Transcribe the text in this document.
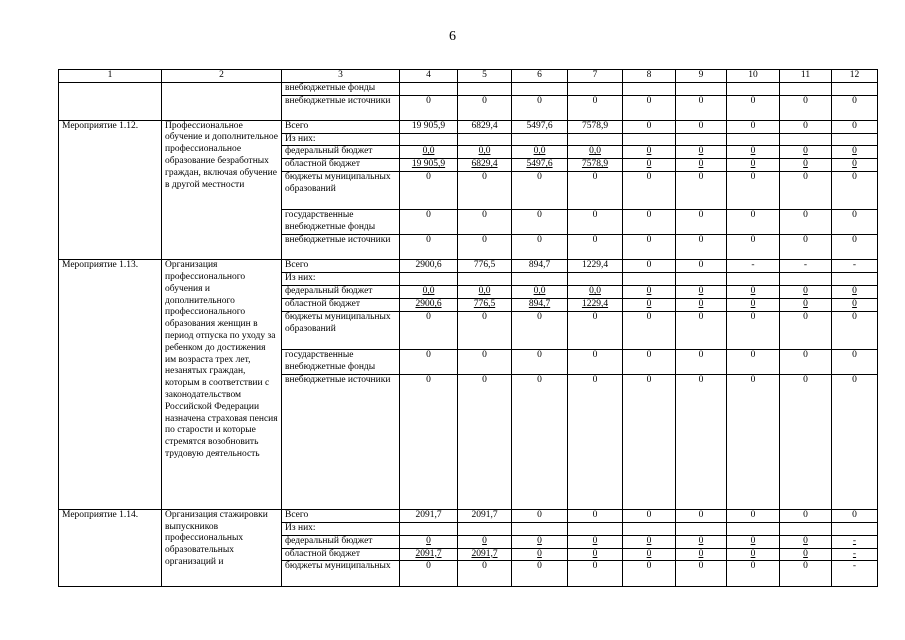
6
1	2	3	4	5	6	7	8	9	10	11	12
		внебюджетные фонды									
		внебюджетные источники	0	0	0	0	0	0	0	0	0
Мероприятие 1.12.	Профессиональное обучение и дополнительное профессиональное образование безработных граждан, включая обучение в другой местности	Всего	19 905,9	6829,4	5497,6	7578,9	0	0	0	0	0
		Из них:									
		федеральный бюджет	0,0	0,0	0,0	0,0	0	0	0	0	0
		областной бюджет	19 905,9	6829,4	5497,6	7578,9	0	0	0	0	0
		бюджеты муниципальных образований	0	0	0	0	0	0	0	0	0
		государственные внебюджетные фонды	0	0	0	0	0	0	0	0	0
		внебюджетные источники	0	0	0	0	0	0	0	0	0
Мероприятие 1.13.	Организация профессионального обучения и дополнительного профессионального образования женщин в период отпуска по уходу за ребенком до достижения им возраста трех лет, незанятых граждан, которым в соответствии с законодательством Российской Федерации назначена страховая пенсия по старости и которые стремятся возобновить трудовую деятельность	Всего	2900,6	776,5	894,7	1229,4	0	0	-	-	-
		Из них:									
		федеральный бюджет	0,0	0,0	0,0	0,0	0	0	0	0	0
		областной бюджет	2900,6	776,5	894,7	1229,4	0	0	0	0	0
		бюджеты муниципальных образований	0	0	0	0	0	0	0	0	0
		государственные внебюджетные фонды	0	0	0	0	0	0	0	0	0
		внебюджетные источники	0	0	0	0	0	0	0	0	0
Мероприятие 1.14.	Организация стажировки выпускников профессиональных образовательных организаций и	Всего	2091,7	2091,7	0	0	0	0	0	0	0
		Из них:									
		федеральный бюджет	0	0	0	0	0	0	0	0	-
		областной бюджет	2091,7	2091,7	0	0	0	0	0	0	-
		бюджеты муниципальных	0	0	0	0	0	0	0	0	-
